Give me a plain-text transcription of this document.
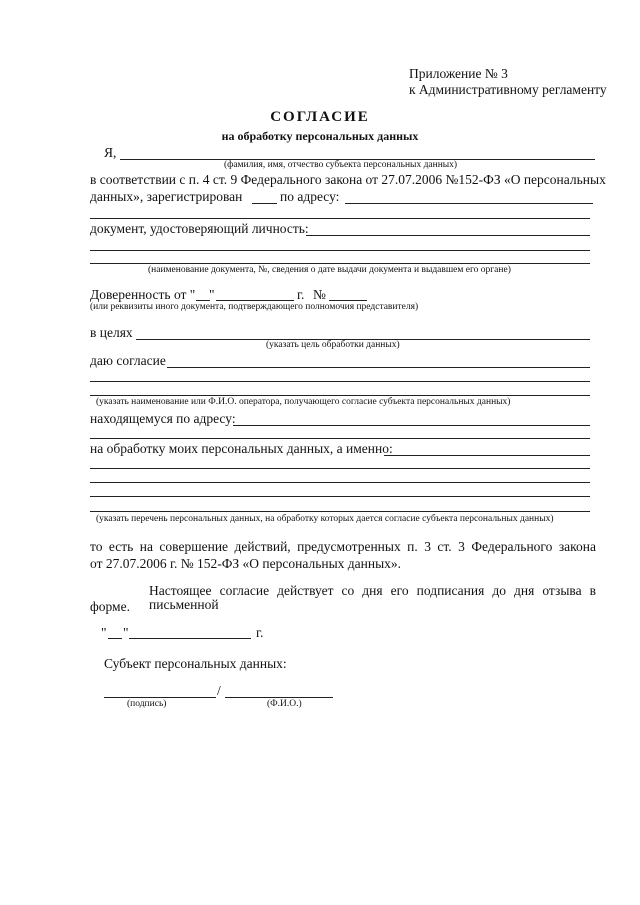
Приложение № 3
к Административному регламенту
СОГЛАСИЕ
на обработку персональных данных
Я,
(фамилия, имя, отчество субъекта персональных данных)
в соответствии с п. 4 ст. 9 Федерального закона от 27.07.2006 №152-ФЗ «О персональных
данных», зарегистрирован	по адресу:
документ, удостоверяющий личность:
(наименование документа, №, сведения о дате выдачи документа и выдавшем его органе)
Доверенность от " "	г. №
(или реквизиты иного документа, подтверждающего полномочия представителя)
в целях
(указать цель обработки данных)
даю согласие
(указать наименование или Ф.И.О. оператора, получающего согласие субъекта персональных данных)
находящемуся по адресу:
на обработку моих персональных данных, а именно:
(указать перечень персональных данных, на обработку которых дается согласие субъекта персональных данных)
то есть на совершение действий, предусмотренных п. 3 ст. 3 Федерального закона
от 27.07.2006 г. № 152-ФЗ «О персональных данных».
Настоящее согласие действует со дня его подписания до дня отзыва в письменной
форме.
" "	г.
Субъект персональных данных:
/
(подпись)	(Ф.И.О.)
